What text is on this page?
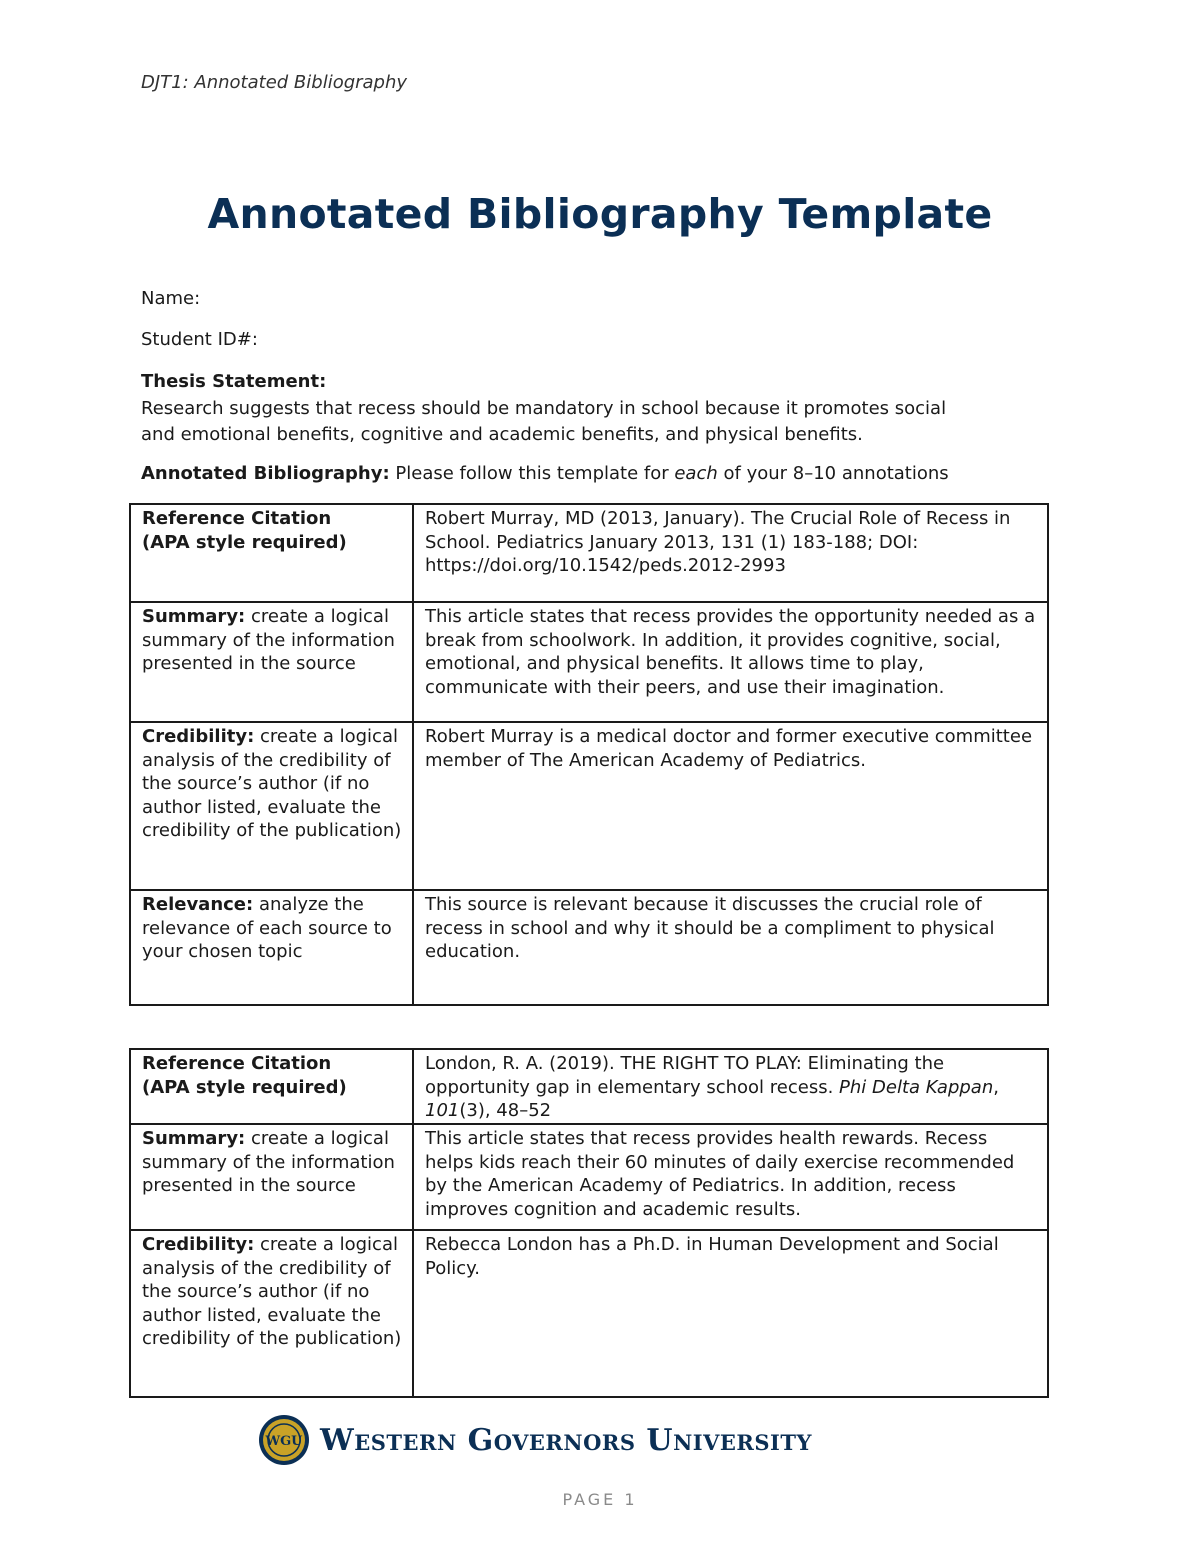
DJT1: Annotated Bibliography
Annotated Bibliography Template
Name:
Student ID#:
Thesis Statement:
Research suggests that recess should be mandatory in school because it promotes social
and emotional benefits, cognitive and academic benefits, and physical benefits.
Annotated Bibliography: Please follow this template for each of your 8–10 annotations
Reference Citation
(APA style required)	Robert Murray, MD (2013, January). The Crucial Role of Recess in School. Pediatrics January 2013, 131 (1) 183-188; DOI: https://doi.org/10.1542/peds.2012-2993
Summary: create a logical summary of the information presented in the source	This article states that recess provides the opportunity needed as a break from schoolwork. In addition, it provides cognitive, social, emotional, and physical benefits. It allows time to play, communicate with their peers, and use their imagination.
Credibility: create a logical analysis of the credibility of the source’s author (if no author listed, evaluate the credibility of the publication)	Robert Murray is a medical doctor and former executive committee member of The American Academy of Pediatrics.
Relevance: analyze the relevance of each source to your chosen topic	This source is relevant because it discusses the crucial role of recess in school and why it should be a compliment to physical education.
Reference Citation
(APA style required)	London, R. A. (2019). THE RIGHT TO PLAY: Eliminating the opportunity gap in elementary school recess. Phi Delta Kappan, 101(3), 48–52
Summary: create a logical summary of the information presented in the source	This article states that recess provides health rewards. Recess helps kids reach their 60 minutes of daily exercise recommended by the American Academy of Pediatrics. In addition, recess improves cognition and academic results.
Credibility: create a logical analysis of the credibility of the source’s author (if no author listed, evaluate the credibility of the publication)	Rebecca London has a Ph.D. in Human Development and Social Policy.
WGU Western Governors University
PAGE 1
